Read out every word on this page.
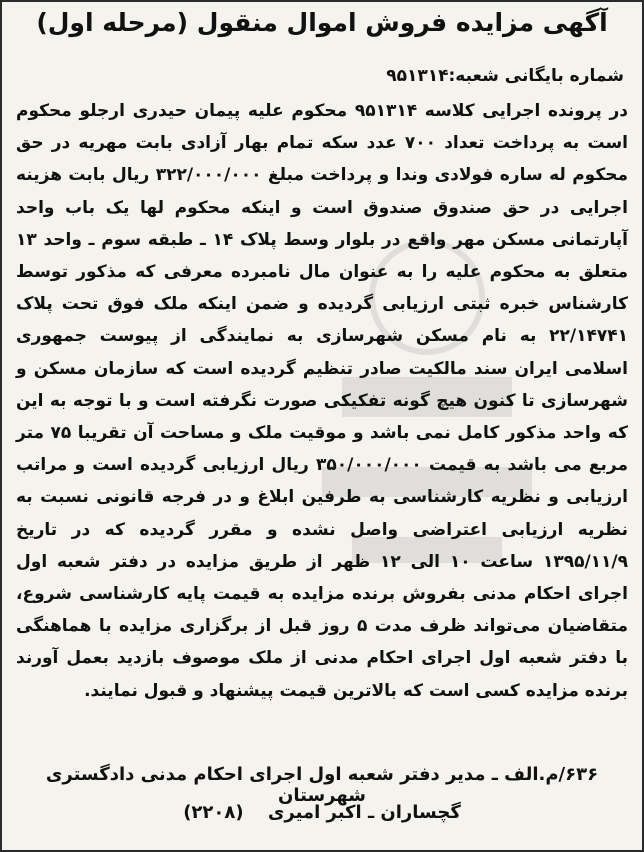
آگهی مزایده فروش اموال منقول (مرحله اول)
شماره بایگانی شعبه:۹۵۱۳۱۴
در پرونده اجرایی کلاسه ۹۵۱۳۱۴ محکوم علیه پیمان حیدری ارجلو محکوم است به پرداخت تعداد ۷۰۰ عدد سکه تمام بهار آزادی بابت مهریه در حق محکوم له ساره فولادی وندا و پرداخت مبلغ ۳۲۲/۰۰۰/۰۰۰ ریال بابت هزینه اجرایی در حق صندوق صندوق است و اینکه محکوم لها یک باب واحد آپارتمانی مسکن مهر واقع در بلوار وسط پلاک ۱۴ ـ طبقه سوم ـ واحد ۱۳ متعلق به محکوم علیه را به عنوان مال نامبرده معرفی که مذکور توسط کارشناس خبره ثبتی ارزیابی گردیده و ضمن اینکه ملک فوق تحت پلاک ۲۲/۱۴۷۴۱ به نام مسکن شهرسازی به نمایندگی از پیوست جمهوری اسلامی ایران سند مالکیت صادر تنظیم گردیده است که سازمان مسکن و شهرسازی تا کنون هیچ گونه تفکیکی صورت نگرفته است و با توجه به این که واحد مذکور کامل نمی باشد و موقیت ملک و مساحت آن تقریبا ۷۵ متر مربع می باشد به قیمت ۳۵۰/۰۰۰/۰۰۰ ریال ارزیابی گردیده است و مراتب ارزیابی و نظریه کارشناسی به طرفین ابلاغ و در فرجه قانونی نسبت به نظریه ارزیابی اعتراضی واصل نشده و مقرر گردیده که در تاریخ ۱۳۹۵/۱۱/۹ ساعت ۱۰ الی ۱۲ ظهر از طریق مزایده در دفتر شعبه اول اجرای احکام مدنی بفروش برنده مزایده به قیمت پایه کارشناسی شروع، متقاضیان می‌تواند ظرف مدت ۵ روز قبل از برگزاری مزایده با هماهنگی با دفتر شعبه اول اجرای احکام مدنی از ملک موصوف بازدید بعمل آورند برنده مزایده کسی است که بالاترین قیمت پیشنهاد و قبول نمایند.
۶۳۶/م.الف ـ مدیر دفتر شعبه اول اجرای احکام مدنی دادگستری شهرستان
گچساران ـ اکبر امیری (۲۲۰۸)
